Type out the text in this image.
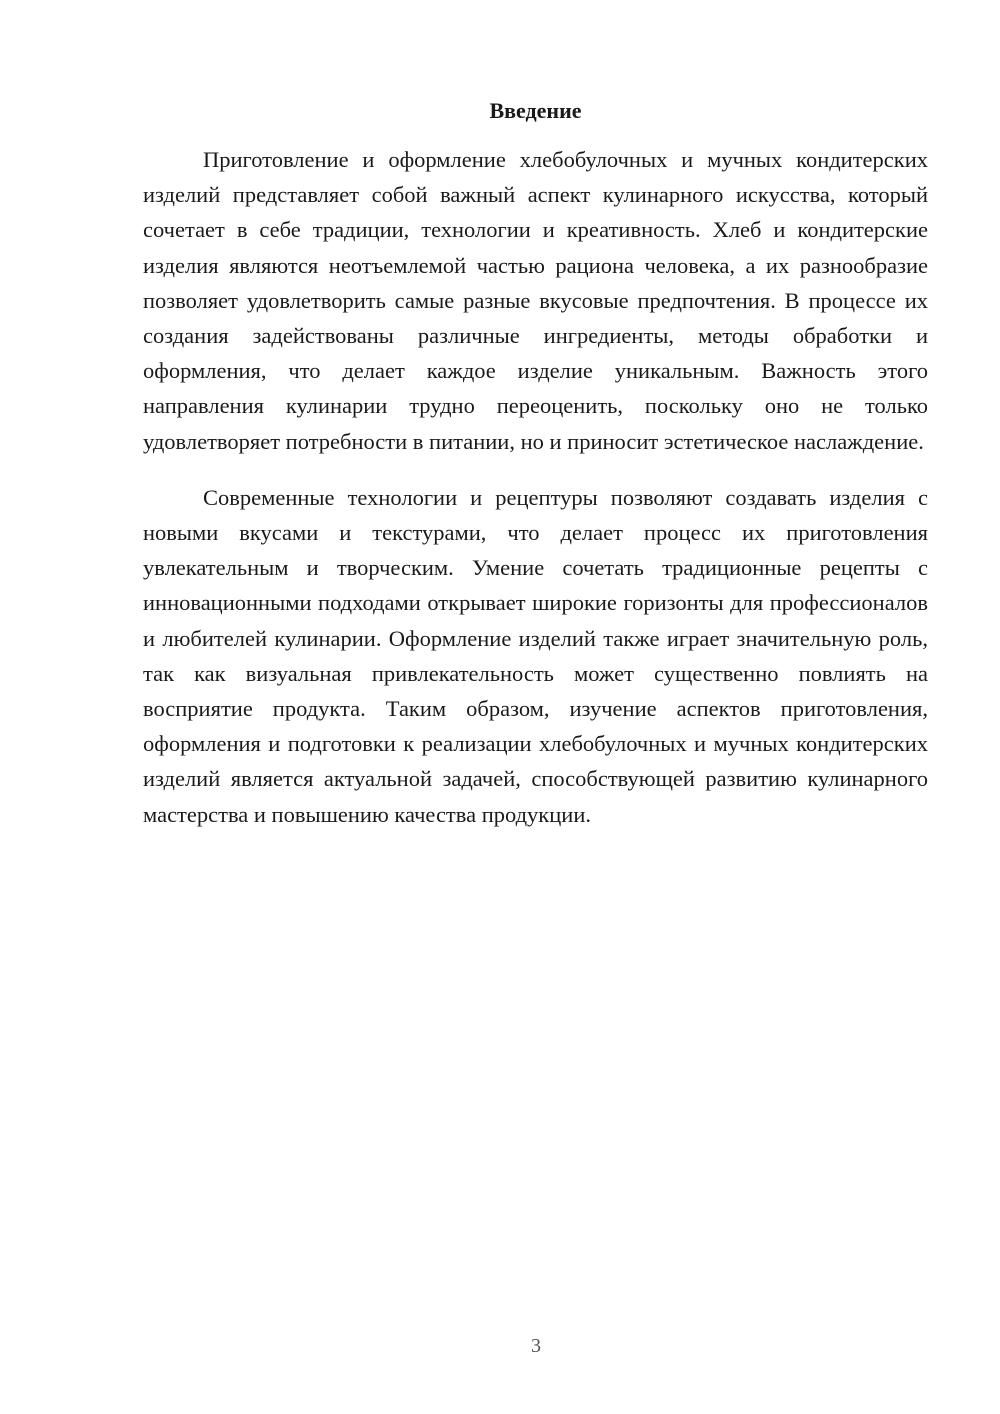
Введение

Приготовление и оформление хлебобулочных и мучных кондитерских изделий представляет собой важный аспект кулинарного искусства, который сочетает в себе традиции, технологии и креативность. Хлеб и кондитерские изделия являются неотъемлемой частью рациона человека, а их разнообразие позволяет удовлетворить самые разные вкусовые предпочтения. В процессе их создания задействованы различные ингредиенты, методы обработки и оформления, что делает каждое изделие уникальным. Важность этого направления кулинарии трудно переоценить, поскольку оно не только удовлетворяет потребности в питании, но и приносит эстетическое наслаждение.

Современные технологии и рецептуры позволяют создавать изделия с новыми вкусами и текстурами, что делает процесс их приготовления увлекательным и творческим. Умение сочетать традиционные рецепты с инновационными подходами открывает широкие горизонты для профессионалов и любителей кулинарии. Оформление изделий также играет значительную роль, так как визуальная привлекательность может существенно повлиять на восприятие продукта. Таким образом, изучение аспектов приготовления, оформления и подготовки к реализации хлебобулочных и мучных кондитерских изделий является актуальной задачей, способствующей развитию кулинарного мастерства и повышению качества продукции.

3
